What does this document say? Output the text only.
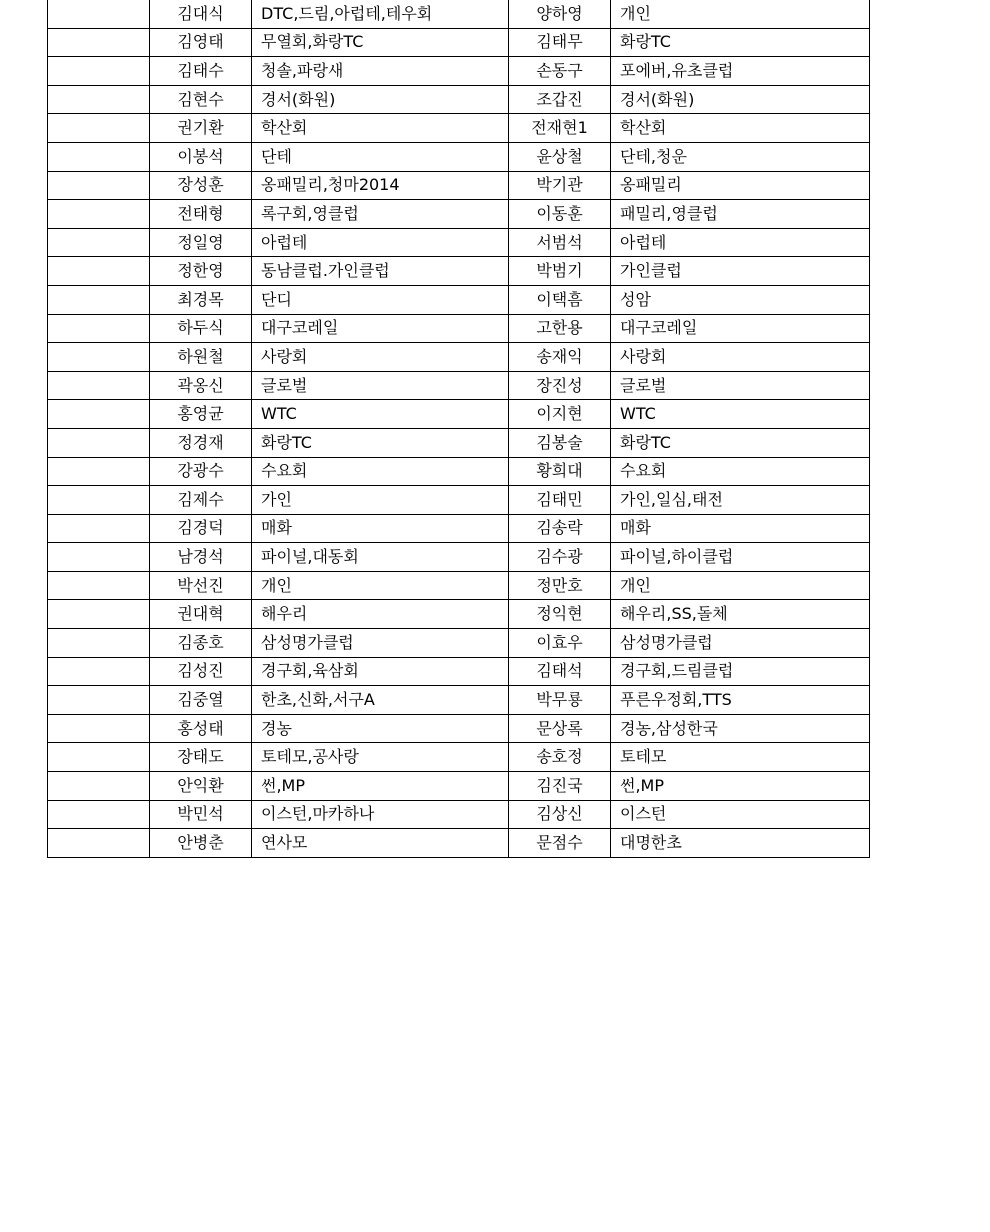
	김대식	DTC,드림,아럽테,테우회	양하영	개인
	김영태	무열회,화랑TC	김태무	화랑TC
	김태수	청솔,파랑새	손동구	포에버,유초클럽
	김현수	경서(화원)	조갑진	경서(화원)
	권기환	학산회	전재현1	학산회
	이봉석	단테	윤상철	단테,청운
	장성훈	옹패밀리,청마2014	박기관	옹패밀리
	전태형	록구회,영클럽	이동훈	패밀리,영클럽
	정일영	아럽테	서범석	아럽테
	정한영	동남클럽.가인클럽	박범기	가인클럽
	최경목	단디	이택흠	성암
	하두식	대구코레일	고한용	대구코레일
	하원철	사랑회	송재익	사랑회
	곽옹신	글로벌	장진성	글로벌
	홍영균	WTC	이지현	WTC
	정경재	화랑TC	김봉술	화랑TC
	강광수	수요회	황희대	수요회
	김제수	가인	김태민	가인,일심,태전
	김경덕	매화	김송락	매화
	남경석	파이널,대동회	김수광	파이널,하이클럽
	박선진	개인	정만호	개인
	권대혁	해우리	정익현	해우리,SS,돌체
	김종호	삼성명가클럽	이효우	삼성명가클럽
	김성진	경구회,육삼회	김태석	경구회,드림클럽
	김중열	한초,신화,서구A	박무룡	푸른우정회,TTS
	홍성태	경농	문상록	경농,삼성한국
	장태도	토테모,공사랑	송호정	토테모
	안익환	썬,MP	김진국	썬,MP
	박민석	이스턴,마카하나	김상신	이스턴
	안병춘	연사모	문점수	대명한초
